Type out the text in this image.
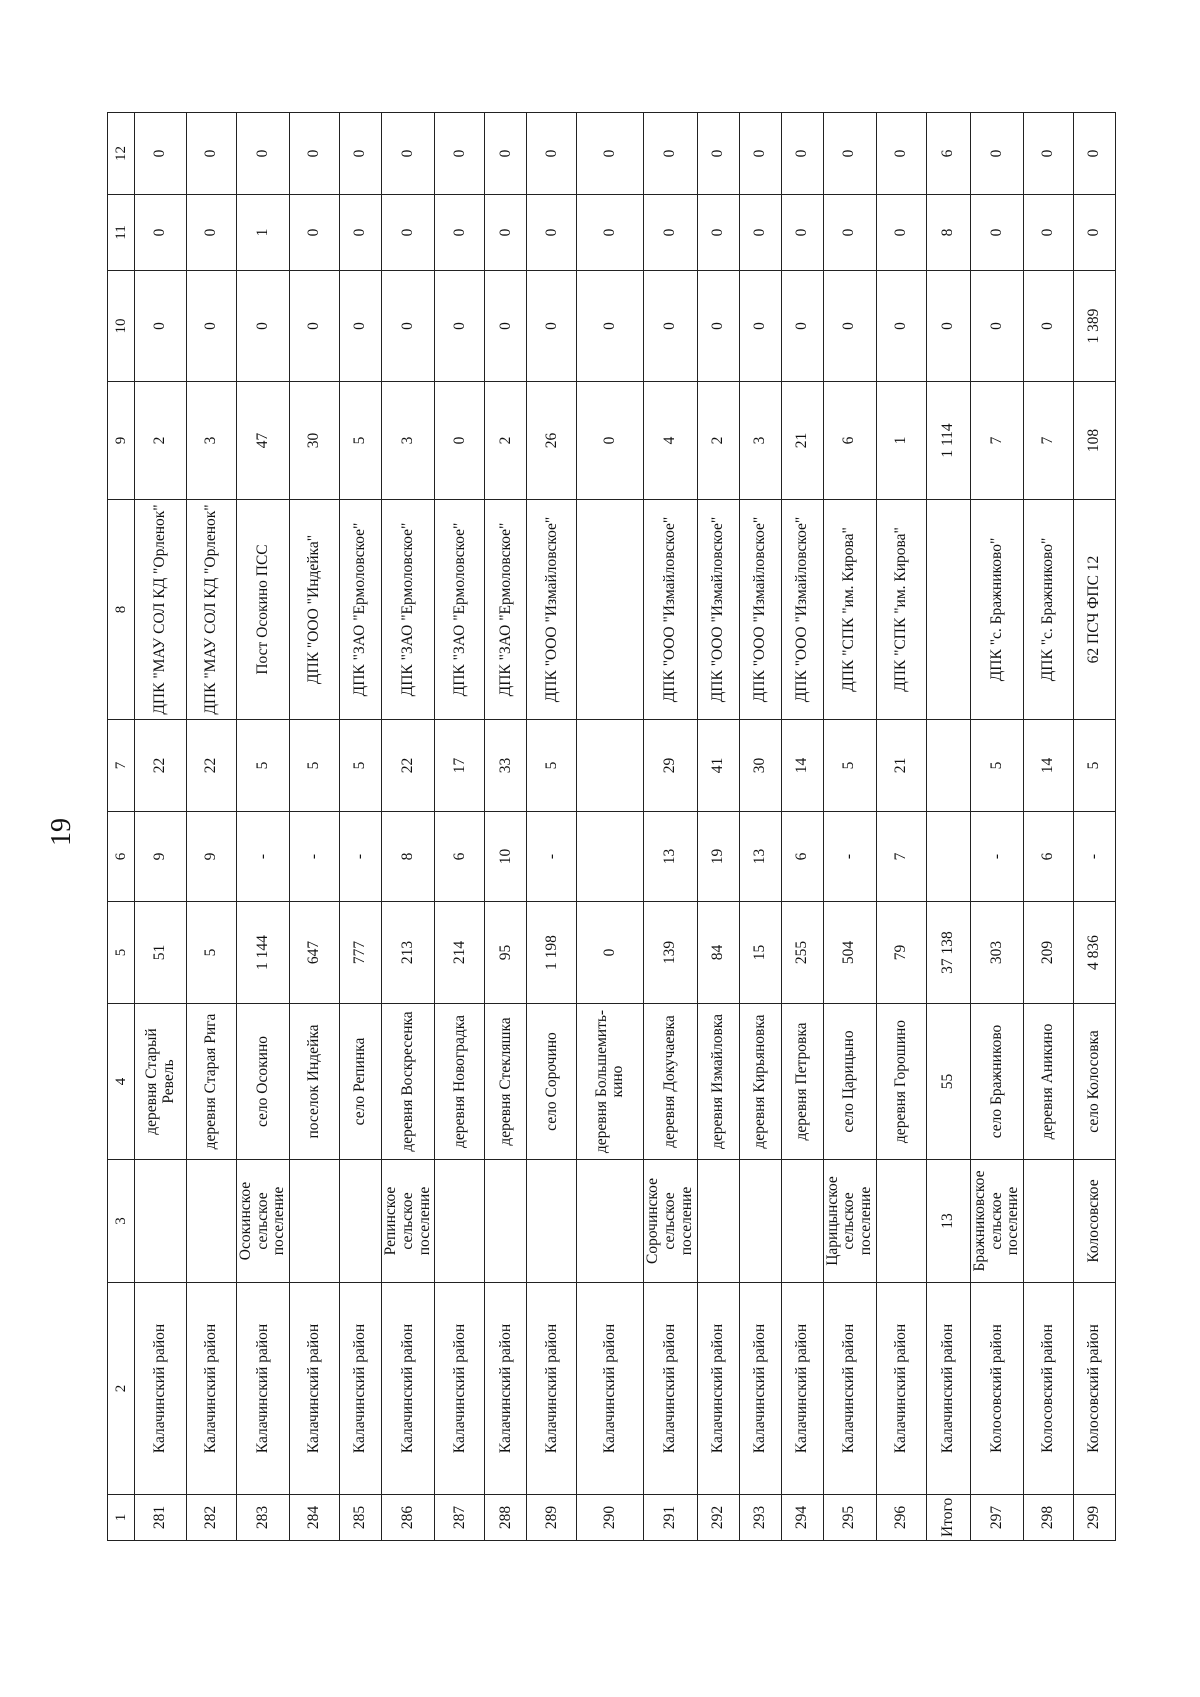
19
1	2	3	4	5	6	7	8	9	10	11	12
281	Калачинский район		деревня Старый Ревель	51	9	22	ДПК "МАУ СОЛ КД "Орленок"	2	0	0	0
282	Калачинский район		деревня Старая Рига	5	9	22	ДПК "МАУ СОЛ КД "Орленок"	3	0	0	0
283	Калачинский район	Осокинское сельское поселение	село Осокино	1 144	-	5	Пост Осокино ПСС	47	0	1	0
284	Калачинский район		поселок Индейка	647	-	5	ДПК "ООО "Индейка"	30	0	0	0
285	Калачинский район		село Репинка	777	-	5	ДПК "ЗАО "Ермоловское"	5	0	0	0
286	Калачинский район	Репинское сельское поселение	деревня Воскресенка	213	8	22	ДПК "ЗАО "Ермоловское"	3	0	0	0
287	Калачинский район		деревня Новоградка	214	6	17	ДПК "ЗАО "Ермоловское"	0	0	0	0
288	Калачинский район		деревня Стекляшка	95	10	33	ДПК "ЗАО "Ермоловское"	2	0	0	0
289	Калачинский район		село Сорочино	1 198	-	5	ДПК "ООО "Измайловское"	26	0	0	0
290	Калачинский район		деревня Большемить-кино	0				0	0	0	0
291	Калачинский район	Сорочинское сельское поселение	деревня Докучаевка	139	13	29	ДПК "ООО "Измайловское"	4	0	0	0
292	Калачинский район		деревня Измайловка	84	19	41	ДПК "ООО "Измайловское"	2	0	0	0
293	Калачинский район		деревня Кирьяновка	15	13	30	ДПК "ООО "Измайловское"	3	0	0	0
294	Калачинский район		деревня Петровка	255	6	14	ДПК "ООО "Измайловское"	21	0	0	0
295	Калачинский район	Царицынское сельское поселение	село Царицыно	504	-	5	ДПК "СПК "им. Кирова"	6	0	0	0
296	Калачинский район		деревня Горошино	79	7	21	ДПК "СПК "им. Кирова"	1	0	0	0
Итого	Калачинский район	13	55	37 138				1 114	0	8	6
297	Колосовский район	Бражниковское сельское поселение	село Бражниково	303	-	5	ДПК "с. Бражниково"	7	0	0	0
298	Колосовский район		деревня Аникино	209	6	14	ДПК "с. Бражниково"	7	0	0	0
299	Колосовский район	Колосовское	село Колосовка	4 836	-	5	62 ПСЧ ФПС 12	108	1 389	0	0
